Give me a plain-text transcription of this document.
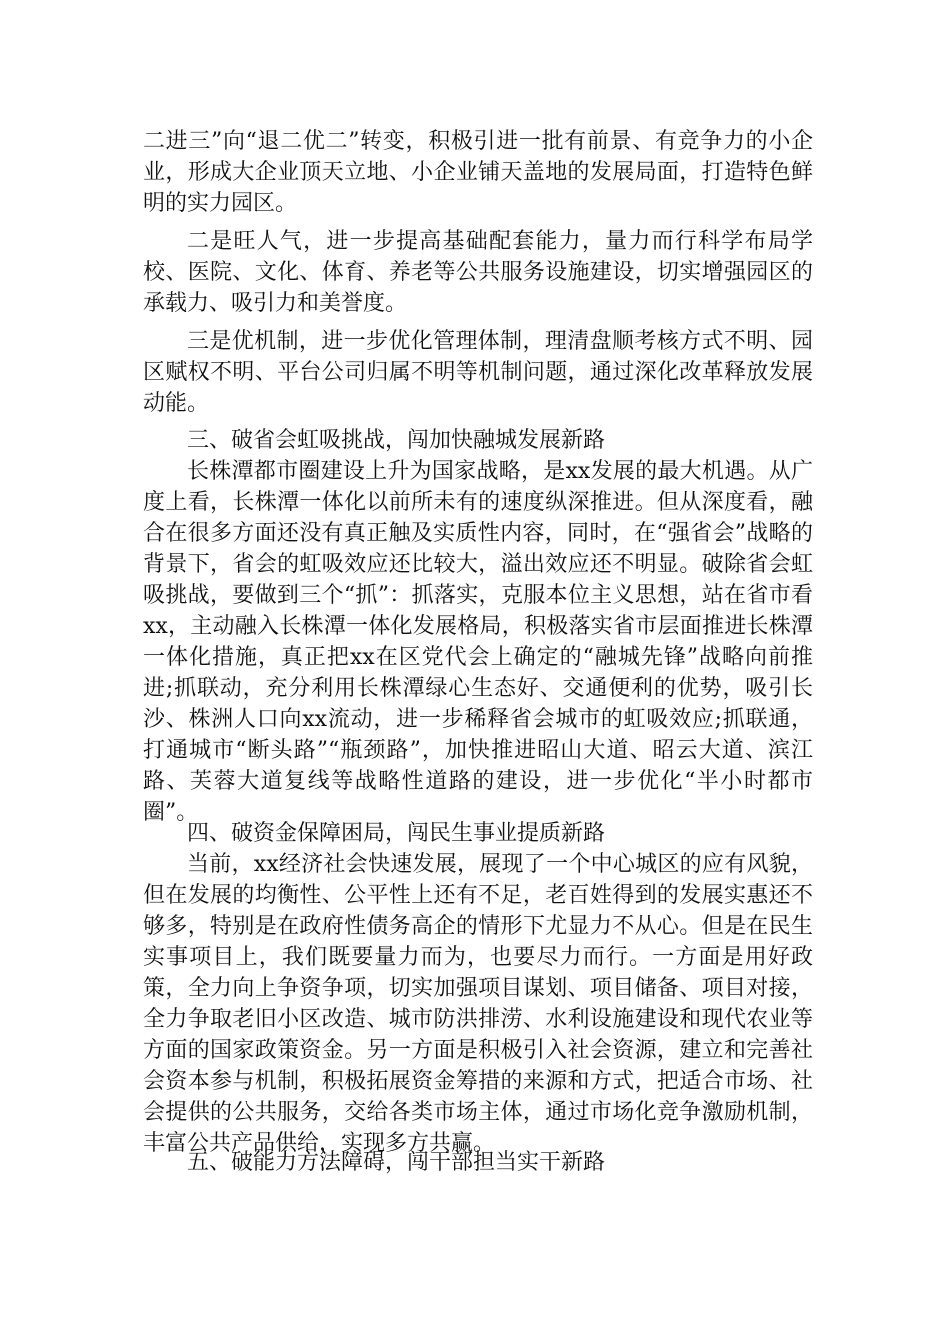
二进三”向“退二优二”转变，积极引进一批有前景、有竞争力的小企业，形成大企业顶天立地、小企业铺天盖地的发展局面，打造特色鲜明的实力园区。

二是旺人气，进一步提高基础配套能力，量力而行科学布局学校、医院、文化、体育、养老等公共服务设施建设，切实增强园区的承载力、吸引力和美誉度。

三是优机制，进一步优化管理体制，理清盘顺考核方式不明、园区赋权不明、平台公司归属不明等机制问题，通过深化改革释放发展动能。

三、破省会虹吸挑战，闯加快融城发展新路

长株潭都市圈建设上升为国家战略，是xx发展的最大机遇。从广度上看，长株潭一体化以前所未有的速度纵深推进。但从深度看，融合在很多方面还没有真正触及实质性内容，同时，在“强省会”战略的背景下，省会的虹吸效应还比较大，溢出效应还不明显。破除省会虹吸挑战，要做到三个“抓”：抓落实，克服本位主义思想，站在省市看xx，主动融入长株潭一体化发展格局，积极落实省市层面推进长株潭一体化措施，真正把xx在区党代会上确定的“融城先锋”战略向前推进;抓联动，充分利用长株潭绿心生态好、交通便利的优势，吸引长沙、株洲人口向xx流动，进一步稀释省会城市的虹吸效应;抓联通，打通城市“断头路”“瓶颈路”，加快推进昭山大道、昭云大道、滨江路、芙蓉大道复线等战略性道路的建设，进一步优化“半小时都市圈”。

四、破资金保障困局，闯民生事业提质新路

当前，xx经济社会快速发展，展现了一个中心城区的应有风貌，但在发展的均衡性、公平性上还有不足，老百姓得到的发展实惠还不够多，特别是在政府性债务高企的情形下尤显力不从心。但是在民生实事项目上，我们既要量力而为，也要尽力而行。一方面是用好政策，全力向上争资争项，切实加强项目谋划、项目储备、项目对接，全力争取老旧小区改造、城市防洪排涝、水利设施建设和现代农业等方面的国家政策资金。另一方面是积极引入社会资源，建立和完善社会资本参与机制，积极拓展资金筹措的来源和方式，把适合市场、社会提供的公共服务，交给各类市场主体，通过市场化竞争激励机制，丰富公共产品供给，实现多方共赢。

五、破能力方法障碍，闯干部担当实干新路
